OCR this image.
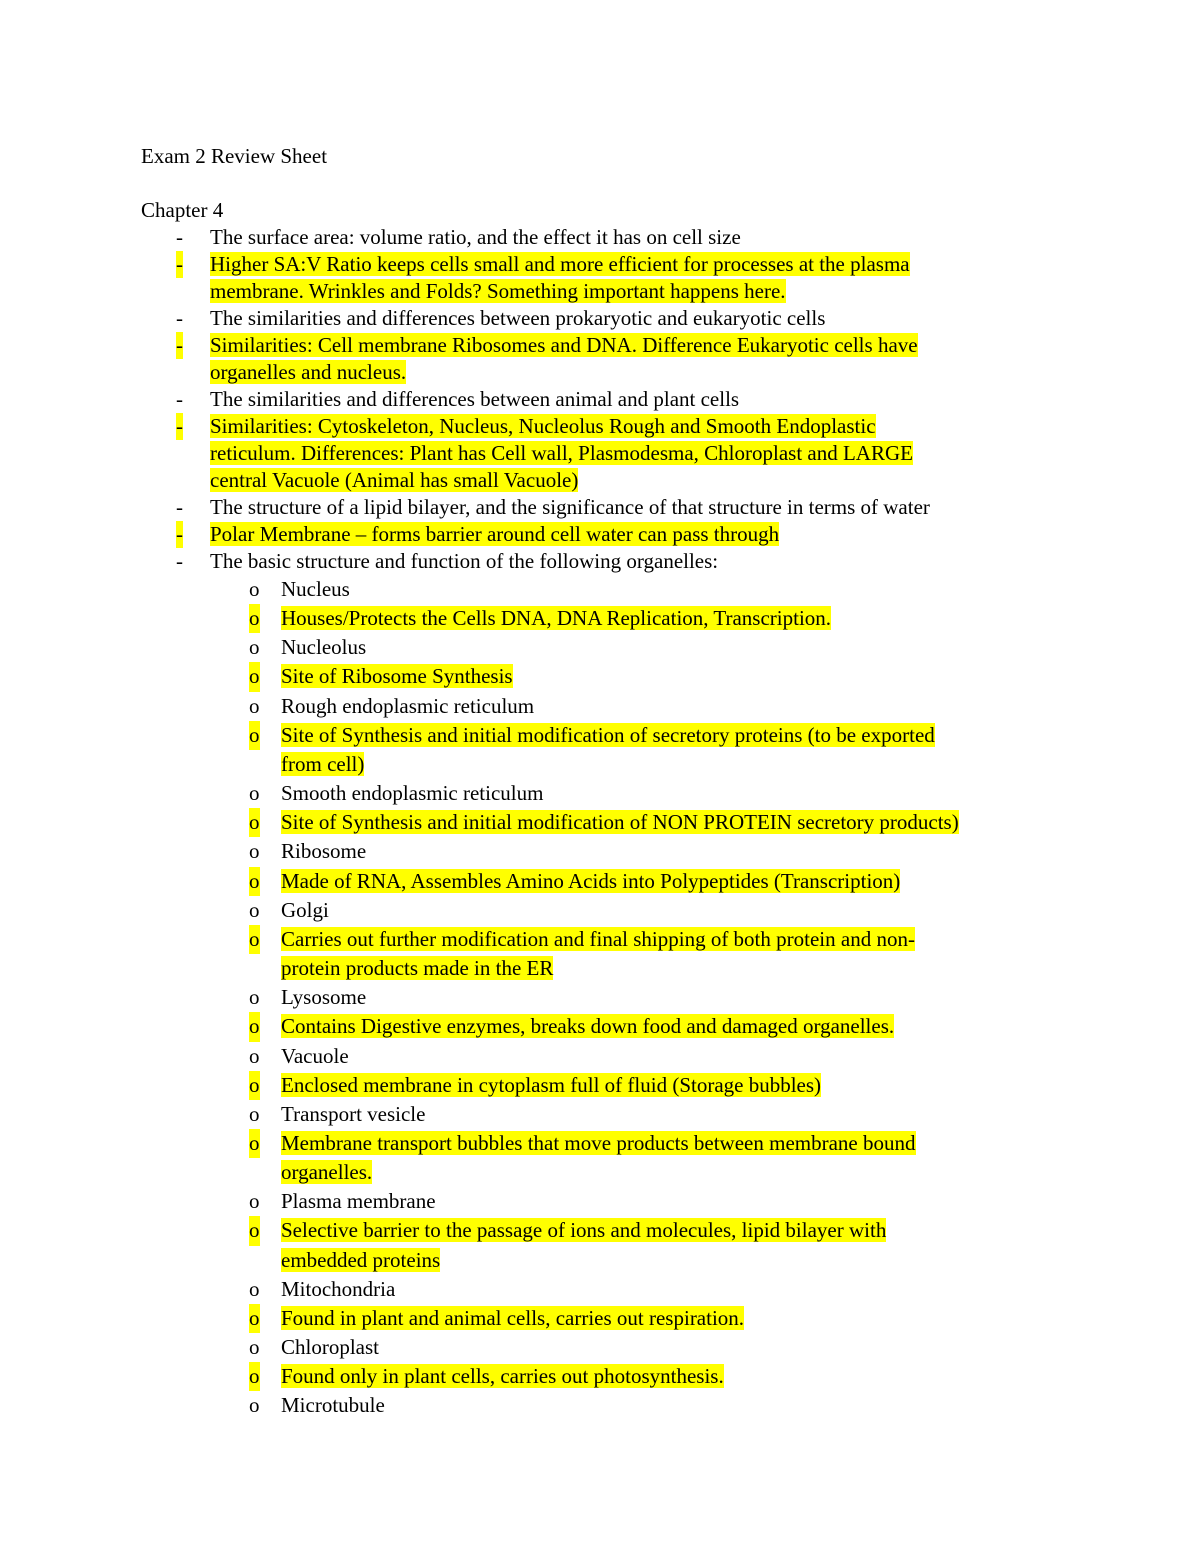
Exam 2 Review Sheet
Chapter 4
- The surface area: volume ratio, and the effect it has on cell size
- Higher SA:V Ratio keeps cells small and more efficient for processes at the plasma
membrane. Wrinkles and Folds? Something important happens here.
- The similarities and differences between prokaryotic and eukaryotic cells
- Similarities: Cell membrane Ribosomes and DNA. Difference Eukaryotic cells have
organelles and nucleus.
- The similarities and differences between animal and plant cells
- Similarities: Cytoskeleton, Nucleus, Nucleolus Rough and Smooth Endoplastic
reticulum. Differences: Plant has Cell wall, Plasmodesma, Chloroplast and LARGE
central Vacuole (Animal has small Vacuole)
- The structure of a lipid bilayer, and the significance of that structure in terms of water
- Polar Membrane – forms barrier around cell water can pass through
- The basic structure and function of the following organelles:
o Nucleus
o Houses/Protects the Cells DNA, DNA Replication, Transcription.
o Nucleolus
o Site of Ribosome Synthesis
o Rough endoplasmic reticulum
o Site of Synthesis and initial modification of secretory proteins (to be exported
from cell)
o Smooth endoplasmic reticulum
o Site of Synthesis and initial modification of NON PROTEIN secretory products)
o Ribosome
o Made of RNA, Assembles Amino Acids into Polypeptides (Transcription)
o Golgi
o Carries out further modification and final shipping of both protein and non-
protein products made in the ER
o Lysosome
o Contains Digestive enzymes, breaks down food and damaged organelles.
o Vacuole
o Enclosed membrane in cytoplasm full of fluid (Storage bubbles)
o Transport vesicle
o Membrane transport bubbles that move products between membrane bound
organelles.
o Plasma membrane
o Selective barrier to the passage of ions and molecules, lipid bilayer with
embedded proteins
o Mitochondria
o Found in plant and animal cells, carries out respiration.
o Chloroplast
o Found only in plant cells, carries out photosynthesis.
o Microtubule
